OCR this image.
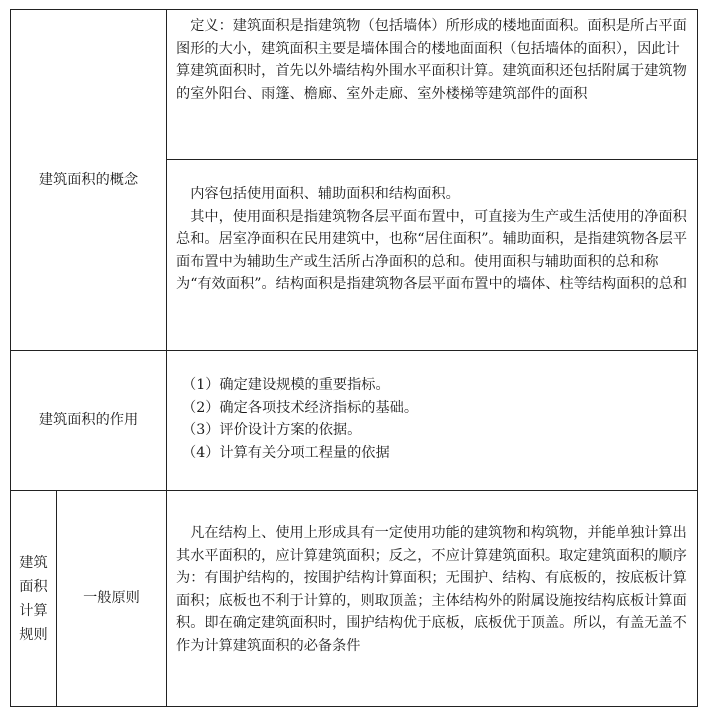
建筑面积的概念

定义：建筑面积是指建筑物（包括墙体）所形成的楼地面面积。面积是所占平面图形的大小，建筑面积主要是墙体围合的楼地面面积（包括墙体的面积），因此计算建筑面积时，首先以外墙结构外围水平面积计算。建筑面积还包括附属于建筑物的室外阳台、雨篷、檐廊、室外走廊、室外楼梯等建筑部件的面积

内容包括使用面积、辅助面积和结构面积。

其中，使用面积是指建筑物各层平面布置中，可直接为生产或生活使用的净面积总和。居室净面积在民用建筑中，也称“居住面积”。辅助面积，是指建筑物各层平面布置中为辅助生产或生活所占净面积的总和。使用面积与辅助面积的总和称为“有效面积”。结构面积是指建筑物各层平面布置中的墙体、柱等结构面积的总和

建筑面积的作用

（1）确定建设规模的重要指标。

（2）确定各项技术经济指标的基础。

（3）评价设计方案的依据。

（4）计算有关分项工程量的依据

建筑面积计算规则
一般原则

凡在结构上、使用上形成具有一定使用功能的建筑物和构筑物，并能单独计算出其水平面积的，应计算建筑面积；反之，不应计算建筑面积。取定建筑面积的顺序为：有围护结构的，按围护结构计算面积；无围护、结构、有底板的，按底板计算面积；底板也不利于计算的，则取顶盖；主体结构外的附属设施按结构底板计算面积。即在确定建筑面积时，围护结构优于底板，底板优于顶盖。所以，有盖无盖不作为计算建筑面积的必备条件
